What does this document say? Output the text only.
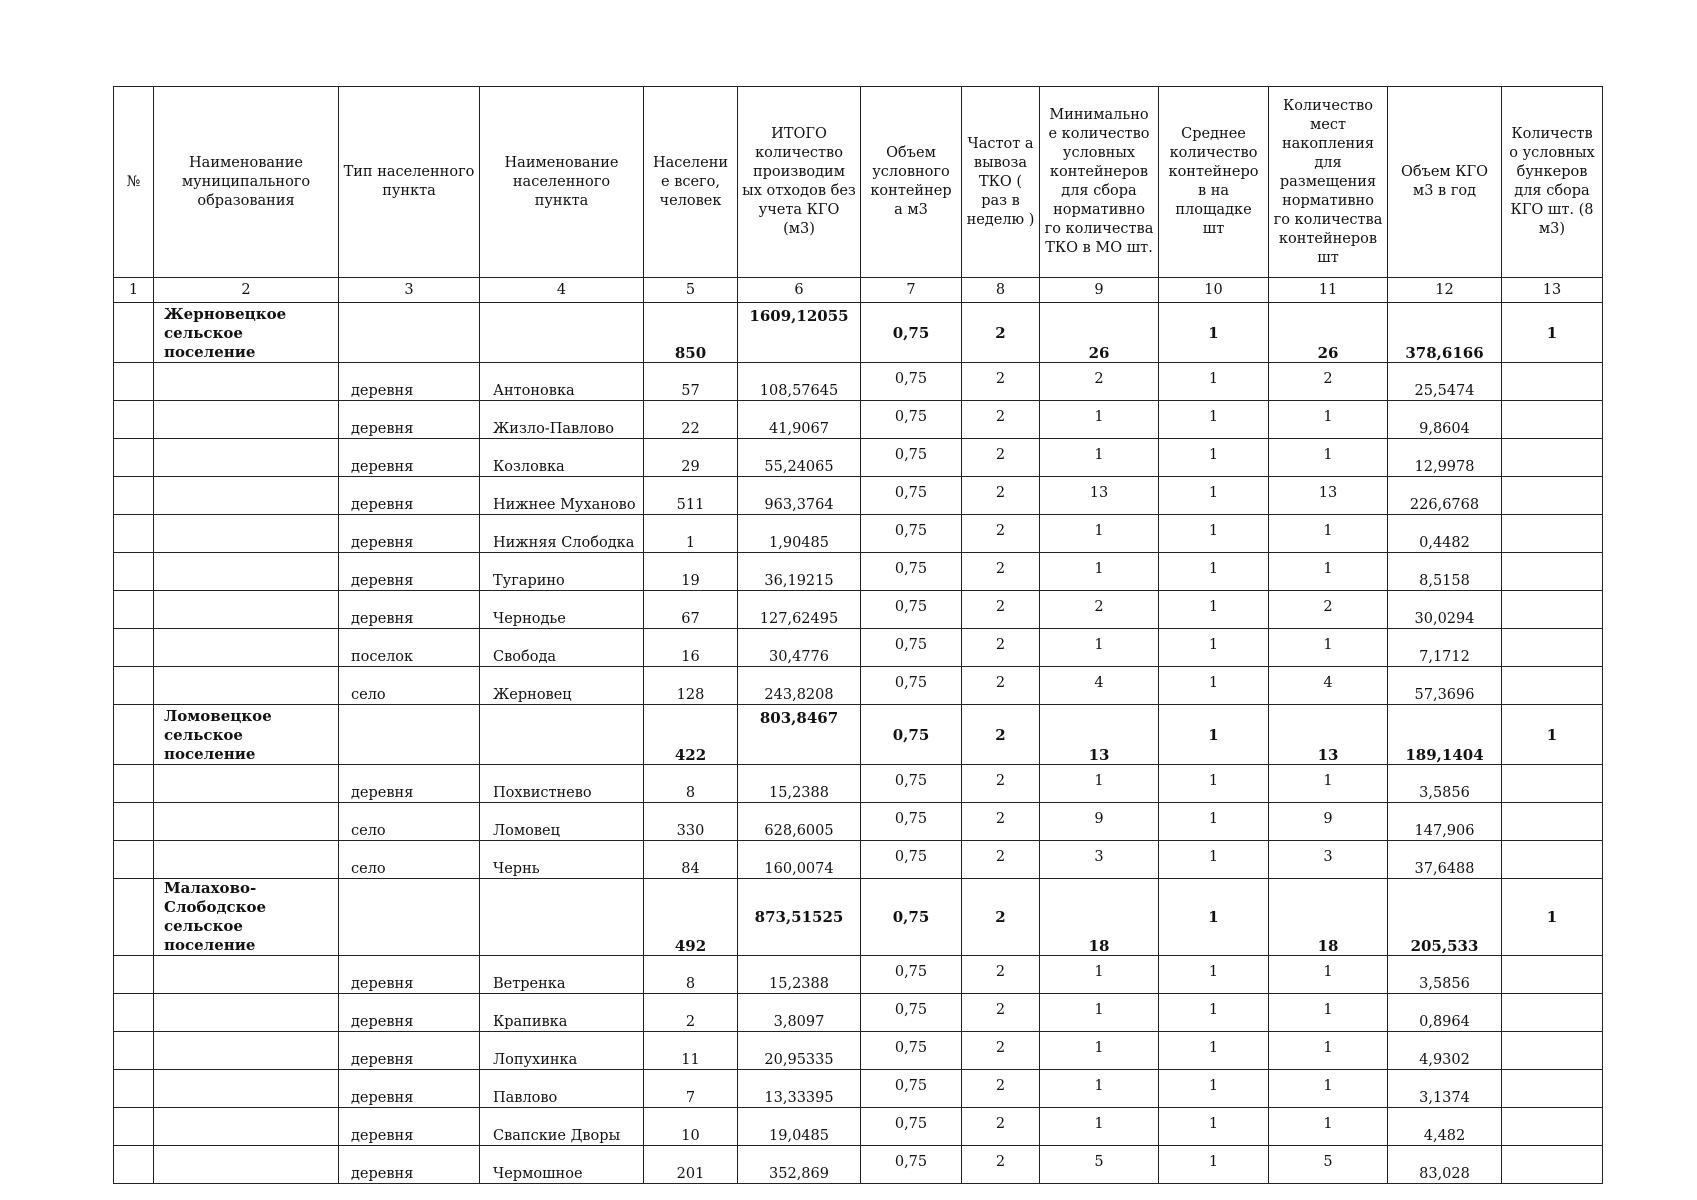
№	Наименование муниципального образования	Тип населенного пункта	Наименование населенного пункта	Населени е всего, человек	ИТОГО количество производим ых отходов без учета КГО (м3)	Объем условного контейнер а м3	Частот а вывоза ТКО ( раз в неделю )	Минимально е количество условных контейнеров для сбора нормативно го количества ТКО в МО шт.	Среднее количество контейнеро в на площадке шт	Количество мест накопления для размещения нормативно го количества контейнеров шт	Объем КГО м3 в год	Количеств о условных бункеров для сбора КГО шт. (8 м3)
1	2	3	4	5	6	7	8	9	10	11	12	13
	Жерновецкое сельское поселение			850	1609,12055	0,75	2	26	1	26	378,6166	1
		деревня	Антоновка	57	108,57645	0,75	2	2	1	2	25,5474	
		деревня	Жизло-Павлово	22	41,9067	0,75	2	1	1	1	9,8604	
		деревня	Козловка	29	55,24065	0,75	2	1	1	1	12,9978	
		деревня	Нижнее Муханово	511	963,3764	0,75	2	13	1	13	226,6768	
		деревня	Нижняя Слободка	1	1,90485	0,75	2	1	1	1	0,4482	
		деревня	Тугарино	19	36,19215	0,75	2	1	1	1	8,5158	
		деревня	Чернодье	67	127,62495	0,75	2	2	1	2	30,0294	
		поселок	Свобода	16	30,4776	0,75	2	1	1	1	7,1712	
		село	Жерновец	128	243,8208	0,75	2	4	1	4	57,3696	
	Ломовецкое сельское поселение			422	803,8467	0,75	2	13	1	13	189,1404	1
		деревня	Похвистнево	8	15,2388	0,75	2	1	1	1	3,5856	
		село	Ломовец	330	628,6005	0,75	2	9	1	9	147,906	
		село	Чернь	84	160,0074	0,75	2	3	1	3	37,6488	
	Малахово-Слободское сельское поселение			492	873,51525	0,75	2	18	1	18	205,533	1
		деревня	Ветренка	8	15,2388	0,75	2	1	1	1	3,5856	
		деревня	Крапивка	2	3,8097	0,75	2	1	1	1	0,8964	
		деревня	Лопухинка	11	20,95335	0,75	2	1	1	1	4,9302	
		деревня	Павлово	7	13,33395	0,75	2	1	1	1	3,1374	
		деревня	Свапские Дворы	10	19,0485	0,75	2	1	1	1	4,482	
		деревня	Чермошное	201	352,869	0,75	2	5	1	5	83,028	
